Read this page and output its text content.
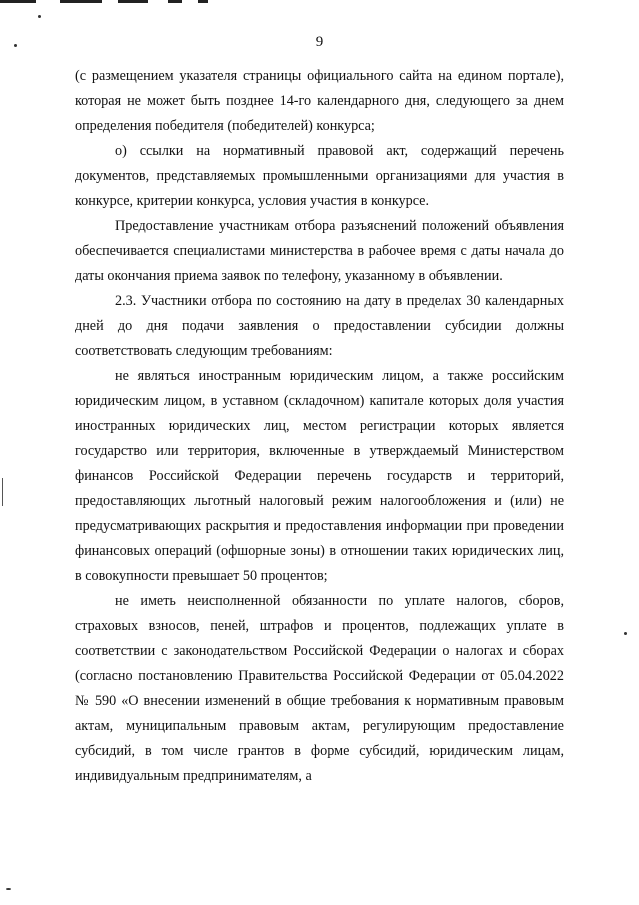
9

(с размещением указателя страницы официального сайта на едином портале), которая не может быть позднее 14-го календарного дня, следующего за днем определения победителя (победителей) конкурса;

о) ссылки на нормативный правовой акт, содержащий перечень документов, представляемых промышленными организациями для участия в конкурсе, критерии конкурса, условия участия в конкурсе.

Предоставление участникам отбора разъяснений положений объявления обеспечивается специалистами министерства в рабочее время с даты начала до даты окончания приема заявок по телефону, указанному в объявлении.

2.3. Участники отбора по состоянию на дату в пределах 30 календарных дней до дня подачи заявления о предоставлении субсидии должны соответствовать следующим требованиям:

не являться иностранным юридическим лицом, а также российским юридическим лицом, в уставном (складочном) капитале которых доля участия иностранных юридических лиц, местом регистрации которых является государство или территория, включенные в утверждаемый Министерством финансов Российской Федерации перечень государств и территорий, предоставляющих льготный налоговый режим налогообложения и (или) не предусматривающих раскрытия и предоставления информации при проведении финансовых операций (офшорные зоны) в отношении таких юридических лиц, в совокупности превышает 50 процентов;

не иметь неисполненной обязанности по уплате налогов, сборов, страховых взносов, пеней, штрафов и процентов, подлежащих уплате в соответствии с законодательством Российской Федерации о налогах и сборах (согласно постановлению Правительства Российской Федерации от 05.04.2022 № 590 «О внесении изменений в общие требования к нормативным правовым актам, муниципальным правовым актам, регулирующим предоставление субсидий, в том числе грантов в форме субсидий, юридическим лицам, индивидуальным предпринимателям, а
